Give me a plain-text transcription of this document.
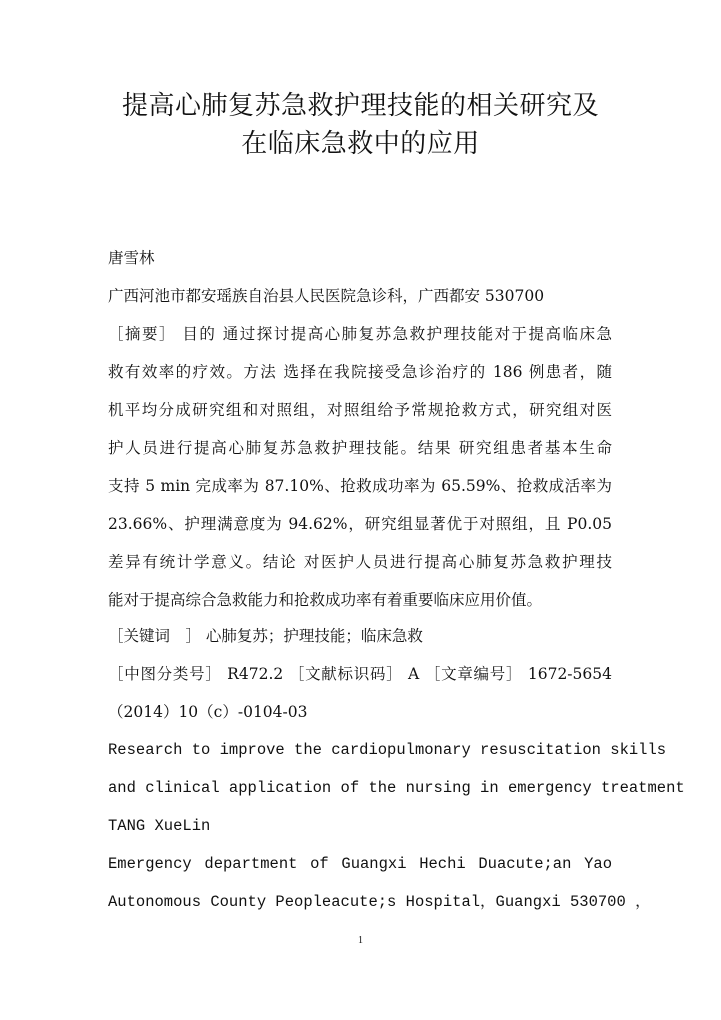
提高心肺复苏急救护理技能的相关研究及
在临床急救中的应用
唐雪林
广西河池市都安瑶族自治县人民医院急诊科，广西都安 530700
［摘要］ 目的 通过探讨提高心肺复苏急救护理技能对于提高临床急
救有效率的疗效。方法 选择在我院接受急诊治疗的 186 例患者，随
机平均分成研究组和对照组，对照组给予常规抢救方式，研究组对医
护人员进行提高心肺复苏急救护理技能。结果 研究组患者基本生命
支持 5 min 完成率为 87.10%、抢救成功率为 65.59%、抢救成活率为
23.66%、护理满意度为 94.62%，研究组显著优于对照组，且 P0.05
差异有统计学意义。结论 对医护人员进行提高心肺复苏急救护理技
能对于提高综合急救能力和抢救成功率有着重要临床应用价值。
［关键词　］ 心肺复苏；护理技能；临床急救
［中图分类号］ R472.2 ［文献标识码］ A ［文章编号］ 1672-5654
（2014）10（c）-0104-03
Research to improve the cardiopulmonary resuscitation skills
and clinical application of the nursing in emergency treatment
TANG XueLin
Emergency department of Guangxi Hechi Duacute;an Yao
Autonomous County Peopleacute;s Hospital，Guangxi 530700 ，
1
